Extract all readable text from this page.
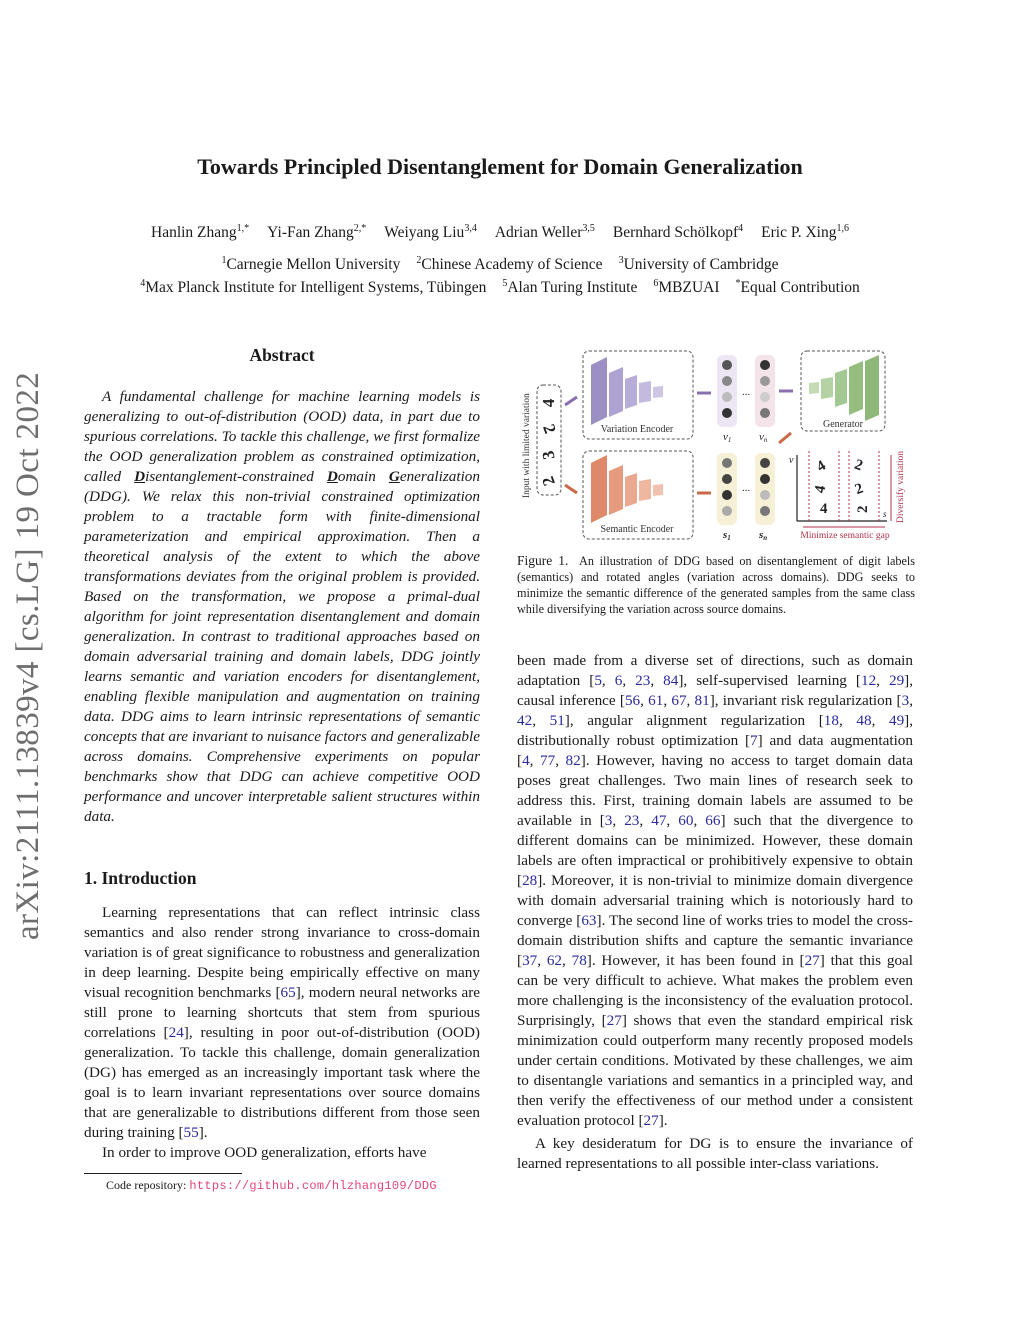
Towards Principled Disentanglement for Domain Generalization
Hanlin Zhang$^{1,*}$ Yi-Fan Zhang$^{2,*}$ Weiyang Liu$^{3,4}$ Adrian Weller$^{3,5}$ Bernhard Schölkopf$^4$ Eric P. Xing$^{1,6}$
$^1$Carnegie Mellon University $^2$Chinese Academy of Science $^3$University of Cambridge
$^4$Max Planck Institute for Intelligent Systems, Tübingen $^5$Alan Turing Institute $^6$MBZUAI *Equal Contribution
arXiv:2111.13839v4 [cs.LG] 19 Oct 2022
Abstract

A fundamental challenge for machine learning models is generalizing to out-of-distribution (OOD) data, in part due to spurious correlations. To tackle this challenge, we first formalize the OOD generalization problem as constrained optimization, called Disentanglement-constrained Domain Generalization (DDG). We relax this non-trivial constrained optimization problem to a tractable form with finite-dimensional parameterization and empirical approximation. Then a theoretical analysis of the extent to which the above transformations deviates from the original problem is provided. Based on the transformation, we propose a primal-dual algorithm for joint representation disentanglement and domain generalization. In contrast to traditional approaches based on domain adversarial training and domain labels, DDG jointly learns semantic and variation encoders for disentanglement, enabling flexible manipulation and augmentation on training data. DDG aims to learn intrinsic representations of semantic concepts that are invariant to nuisance factors and generalizable across domains. Comprehensive experiments on popular benchmarks show that DDG can achieve competitive OOD performance and uncover interpretable salient structures within data.

1. Introduction

Learning representations that can reflect intrinsic class semantics and also render strong invariance to cross-domain variation is of great significance to robustness and generalization in deep learning. Despite being empirically effective on many visual recognition benchmarks [65], modern neural networks are still prone to learning shortcuts that stem from spurious correlations [24], resulting in poor out-of-distribution (OOD) generalization. To tackle this challenge, domain generalization (DG) has emerged as an increasingly important task where the goal is to learn invariant representations over source domains that are generalizable to distributions different from those seen during training [55].

In order to improve OOD generalization, efforts have

Code repository: https://github.com/hlzhang109/DDG
Input with limited variation 4
2
3
2
Variation Encoder
Semantic Encoder
...
v1	vn
...
s1	sn
Generator
v
s
4
4
4
2
2
2
Minimize semantic gap
Diversify variation
Figure 1. An illustration of DDG based on disentanglement of digit labels (semantics) and rotated angles (variation across domains). DDG seeks to minimize the semantic difference of the generated samples from the same class while diversifying the variation across source domains.

been made from a diverse set of directions, such as domain adaptation [5, 6, 23, 84], self-supervised learning [12, 29], causal inference [56, 61, 67, 81], invariant risk regularization [3, 42, 51], angular alignment regularization [18, 48, 49], distributionally robust optimization [7] and data augmentation [4, 77, 82]. However, having no access to target domain data poses great challenges. Two main lines of research seek to address this. First, training domain labels are assumed to be available in [3, 23, 47, 60, 66] such that the divergence to different domains can be minimized. However, these domain labels are often impractical or prohibitively expensive to obtain [28]. Moreover, it is non-trivial to minimize domain divergence with domain adversarial training which is notoriously hard to converge [63]. The second line of works tries to model the cross-domain distribution shifts and capture the semantic invariance [37, 62, 78]. However, it has been found in [27] that this goal can be very difficult to achieve. What makes the problem even more challenging is the inconsistency of the evaluation protocol. Surprisingly, [27] shows that even the standard empirical risk minimization could outperform many recently proposed models under certain conditions. Motivated by these challenges, we aim to disentangle variations and semantics in a principled way, and then verify the effectiveness of our method under a consistent evaluation protocol [27].

A key desideratum for DG is to ensure the invariance of learned representations to all possible inter-class variations.
